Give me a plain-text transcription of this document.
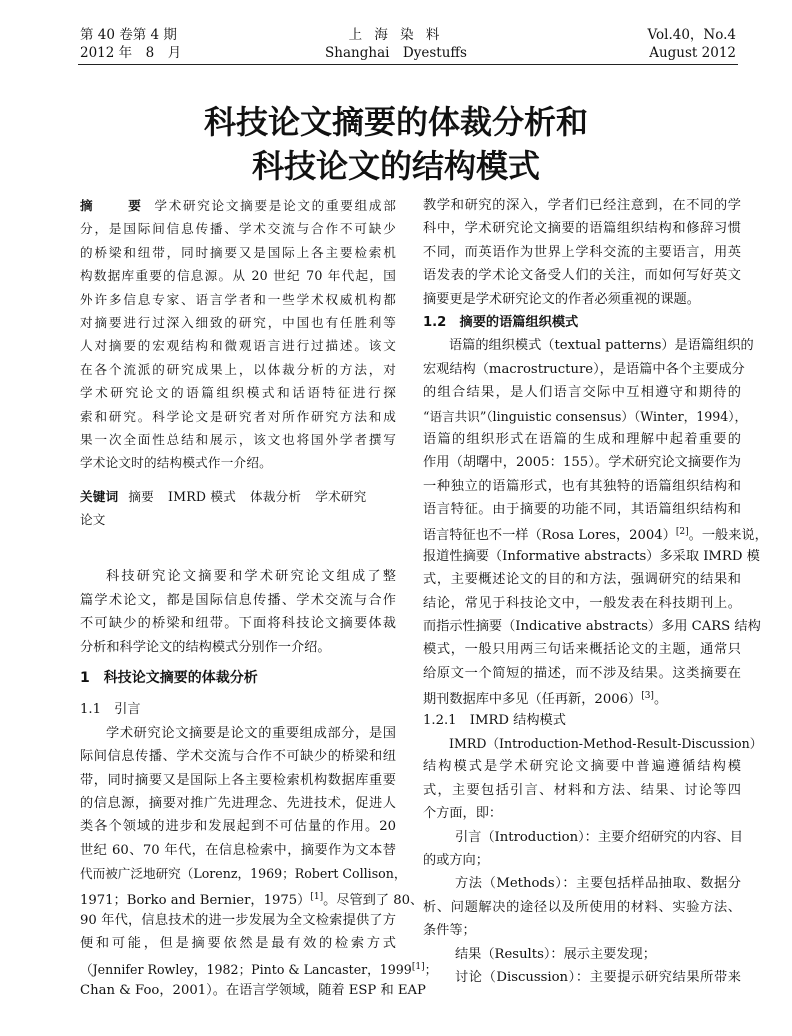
第 40 卷第 4 期
2012 年　8　月
上 海 染 料
Shanghai　Dyestuffs
Vol.40，No.4
August 2012
科技论文摘要的体裁分析和
科技论文的结构模式
摘　要 学术研究论文摘要是论文的重要组成部
分，是国际间信息传播、学术交流与合作不可缺少
的桥梁和纽带，同时摘要又是国际上各主要检索机
构数据库重要的信息源。从 20 世纪 70 年代起，国
外许多信息专家、语言学者和一些学术权威机构都
对摘要进行过深入细致的研究，中国也有任胜利等
人对摘要的宏观结构和微观语言进行过描述。该文
在各个流派的研究成果上，以体裁分析的方法，对
学术研究论文的语篇组织模式和话语特征进行探
索和研究。科学论文是研究者对所作研究方法和成
果一次全面性总结和展示，该文也将国外学者撰写
学术论文时的结构模式作一介绍。
关键词 摘要 IMRD 模式 体裁分析 学术研究
论文
科技研究论文摘要和学术研究论文组成了整
篇学术论文，都是国际信息传播、学术交流与合作
不可缺少的桥梁和纽带。下面将科技论文摘要体裁
分析和科学论文的结构模式分别作一介绍。
1　科技论文摘要的体裁分析
1.1　引言
学术研究论文摘要是论文的重要组成部分，是国
际间信息传播、学术交流与合作不可缺少的桥梁和纽
带，同时摘要又是国际上各主要检索机构数据库重要
的信息源，摘要对推广先进理念、先进技术，促进人
类各个领域的进步和发展起到不可估量的作用。20
世纪 60、70 年代，在信息检索中，摘要作为文本替
代而被广泛地研究（Lorenz，1969；Robert Collison，
1971；Borko and Bernier，1975）[1]。尽管到了 80、
90 年代，信息技术的进一步发展为全文检索提供了方
便和可能，但是摘要依然是最有效的检索方式
（Jennifer Rowley，1982；Pinto & Lancaster，1999[1]；
Chan & Foo，2001）。在语言学领域，随着 ESP 和 EAP
教学和研究的深入，学者们已经注意到，在不同的学
科中，学术研究论文摘要的语篇组织结构和修辞习惯
不同，而英语作为世界上学科交流的主要语言，用英
语发表的学术论文备受人们的关注，而如何写好英文
摘要更是学术研究论文的作者必须重视的课题。
1.2　摘要的语篇组织模式
语篇的组织模式（textual patterns）是语篇组织的
宏观结构（macrostructure），是语篇中各个主要成分
的组合结果，是人们语言交际中互相遵守和期待的
“语言共识”（linguistic consensus）（Winter，1994），
语篇的组织形式在语篇的生成和理解中起着重要的
作用（胡曙中，2005：155）。学术研究论文摘要作为
一种独立的语篇形式，也有其独特的语篇组织结构和
语言特征。由于摘要的功能不同，其语篇组织结构和
语言特征也不一样（Rosa Lores，2004）[2]。一般来说，
报道性摘要（Informative abstracts）多采取 IMRD 模
式，主要概述论文的目的和方法，强调研究的结果和
结论，常见于科技论文中，一般发表在科技期刊上。
而指示性摘要（Indicative abstracts）多用 CARS 结构
模式，一般只用两三句话来概括论文的主题，通常只
给原文一个简短的描述，而不涉及结果。这类摘要在
期刊数据库中多见（任再新，2006）[3]。
1.2.1　IMRD 结构模式
IMRD（Introduction-Method-Result-Discussion）
结构模式是学术研究论文摘要中普遍遵循结构模
式，主要包括引言、材料和方法、结果、讨论等四
个方面，即：
引言（Introduction）：主要介绍研究的内容、目
的或方向；
方法（Methods）：主要包括样品抽取、数据分
析、问题解决的途径以及所使用的材料、实验方法、
条件等；
结果（Results）：展示主要发现；
讨论（Discussion）：主要提示研究结果所带来
